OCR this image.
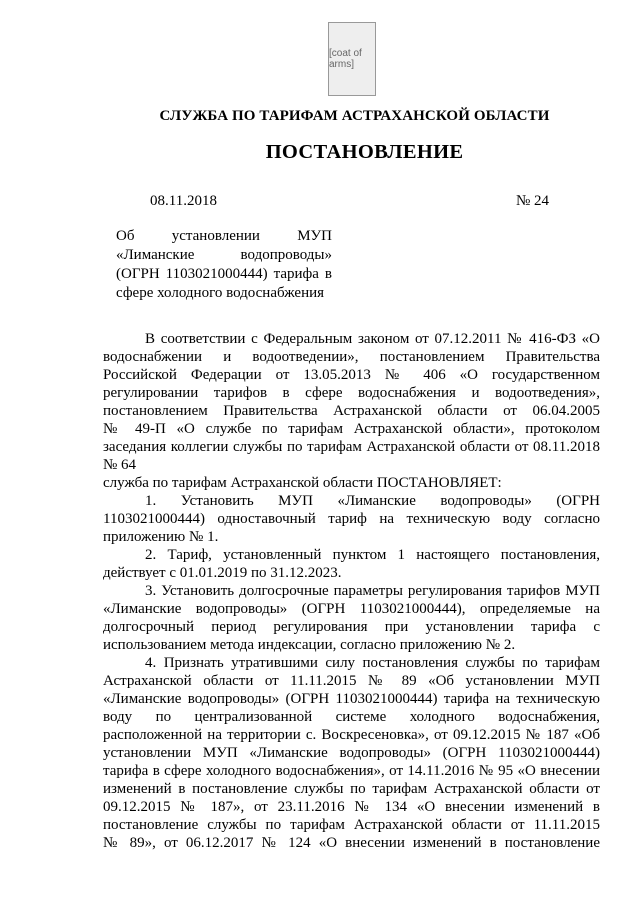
[coat of arms]
СЛУЖБА ПО ТАРИФАМ АСТРАХАНСКОЙ ОБЛАСТИ
ПОСТАНОВЛЕНИЕ
08.11.2018	№ 24
Об установлении МУП
«Лиманские водопроводы»
(ОГРН 1103021000444) тарифа в
сфере холодного водоснабжения
В соответствии с Федеральным законом от 07.12.2011 № 416-ФЗ «О
водоснабжении и водоотведении», постановлением Правительства
Российской Федерации от 13.05.2013 № 406 «О государственном
регулировании тарифов в сфере водоснабжения и водоотведения»,
постановлением Правительства Астраханской области от 06.04.2005
№ 49-П «О службе по тарифам Астраханской области», протоколом
заседания коллегии службы по тарифам Астраханской области от 08.11.2018
№ 64
служба по тарифам Астраханской области ПОСТАНОВЛЯЕТ:
1. Установить МУП «Лиманские водопроводы» (ОГРН
1103021000444) одноставочный тариф на техническую воду согласно
приложению № 1.
2. Тариф, установленный пунктом 1 настоящего постановления,
действует с 01.01.2019 по 31.12.2023.
3. Установить долгосрочные параметры регулирования тарифов МУП
«Лиманские водопроводы» (ОГРН 1103021000444), определяемые на
долгосрочный период регулирования при установлении тарифа с
использованием метода индексации, согласно приложению № 2.
4. Признать утратившими силу постановления службы по тарифам
Астраханской области от 11.11.2015 № 89 «Об установлении МУП
«Лиманские водопроводы» (ОГРН 1103021000444) тарифа на техническую
воду по централизованной системе холодного водоснабжения,
расположенной на территории с. Воскресеновка», от 09.12.2015 № 187 «Об
установлении МУП «Лиманские водопроводы» (ОГРН 1103021000444)
тарифа в сфере холодного водоснабжения», от 14.11.2016 № 95 «О внесении
изменений в постановление службы по тарифам Астраханской области от
09.12.2015 № 187», от 23.11.2016 № 134 «О внесении изменений в
постановление службы по тарифам Астраханской области от 11.11.2015
№ 89», от 06.12.2017 № 124 «О внесении изменений в постановление
